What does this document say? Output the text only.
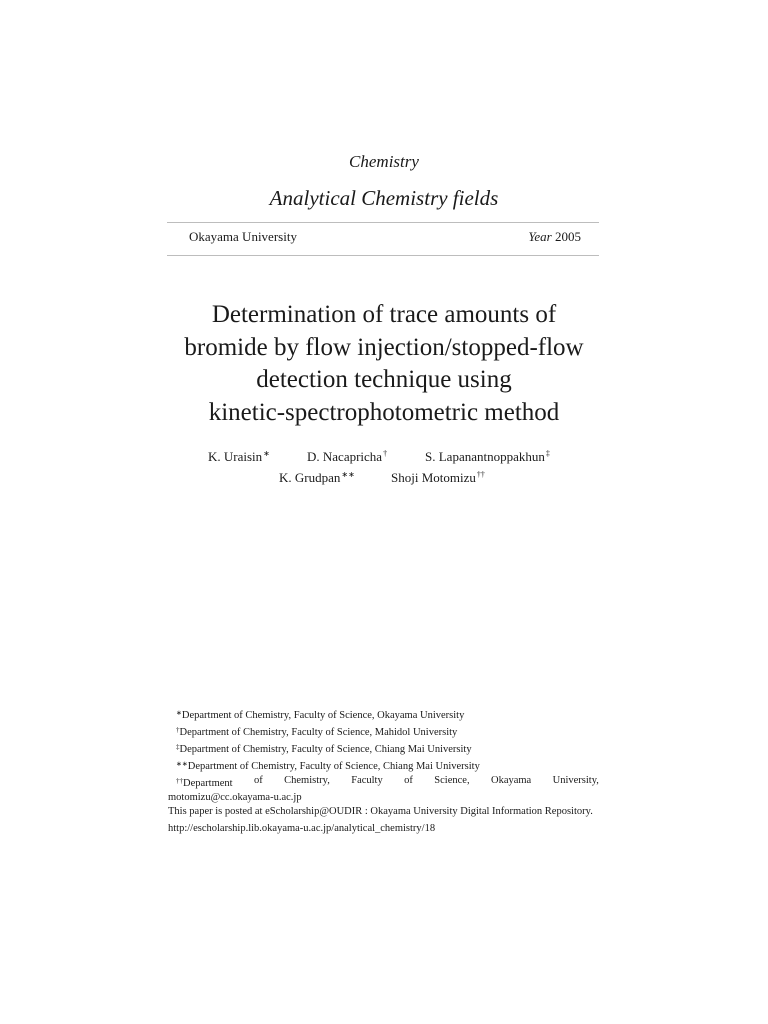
Chemistry
Analytical Chemistry fields
Okayama University	Year 2005
Determination of trace amounts of
bromide by flow injection/stopped-flow
detection technique using
kinetic-spectrophotometric method
K. Uraisin∗	D. Nacapricha†	S. Lapanantnoppakhun‡
K. Grudpan∗∗	Shoji Motomizu††
∗Department of Chemistry, Faculty of Science, Okayama University
†Department of Chemistry, Faculty of Science, Mahidol University
‡Department of Chemistry, Faculty of Science, Chiang Mai University
∗∗Department of Chemistry, Faculty of Science, Chiang Mai University
††Department of Chemistry, Faculty of Science, Okayama University,
motomizu@cc.okayama-u.ac.jp
This paper is posted at eScholarship@OUDIR : Okayama University Digital Information Repository.
http://escholarship.lib.okayama-u.ac.jp/analytical_chemistry/18
